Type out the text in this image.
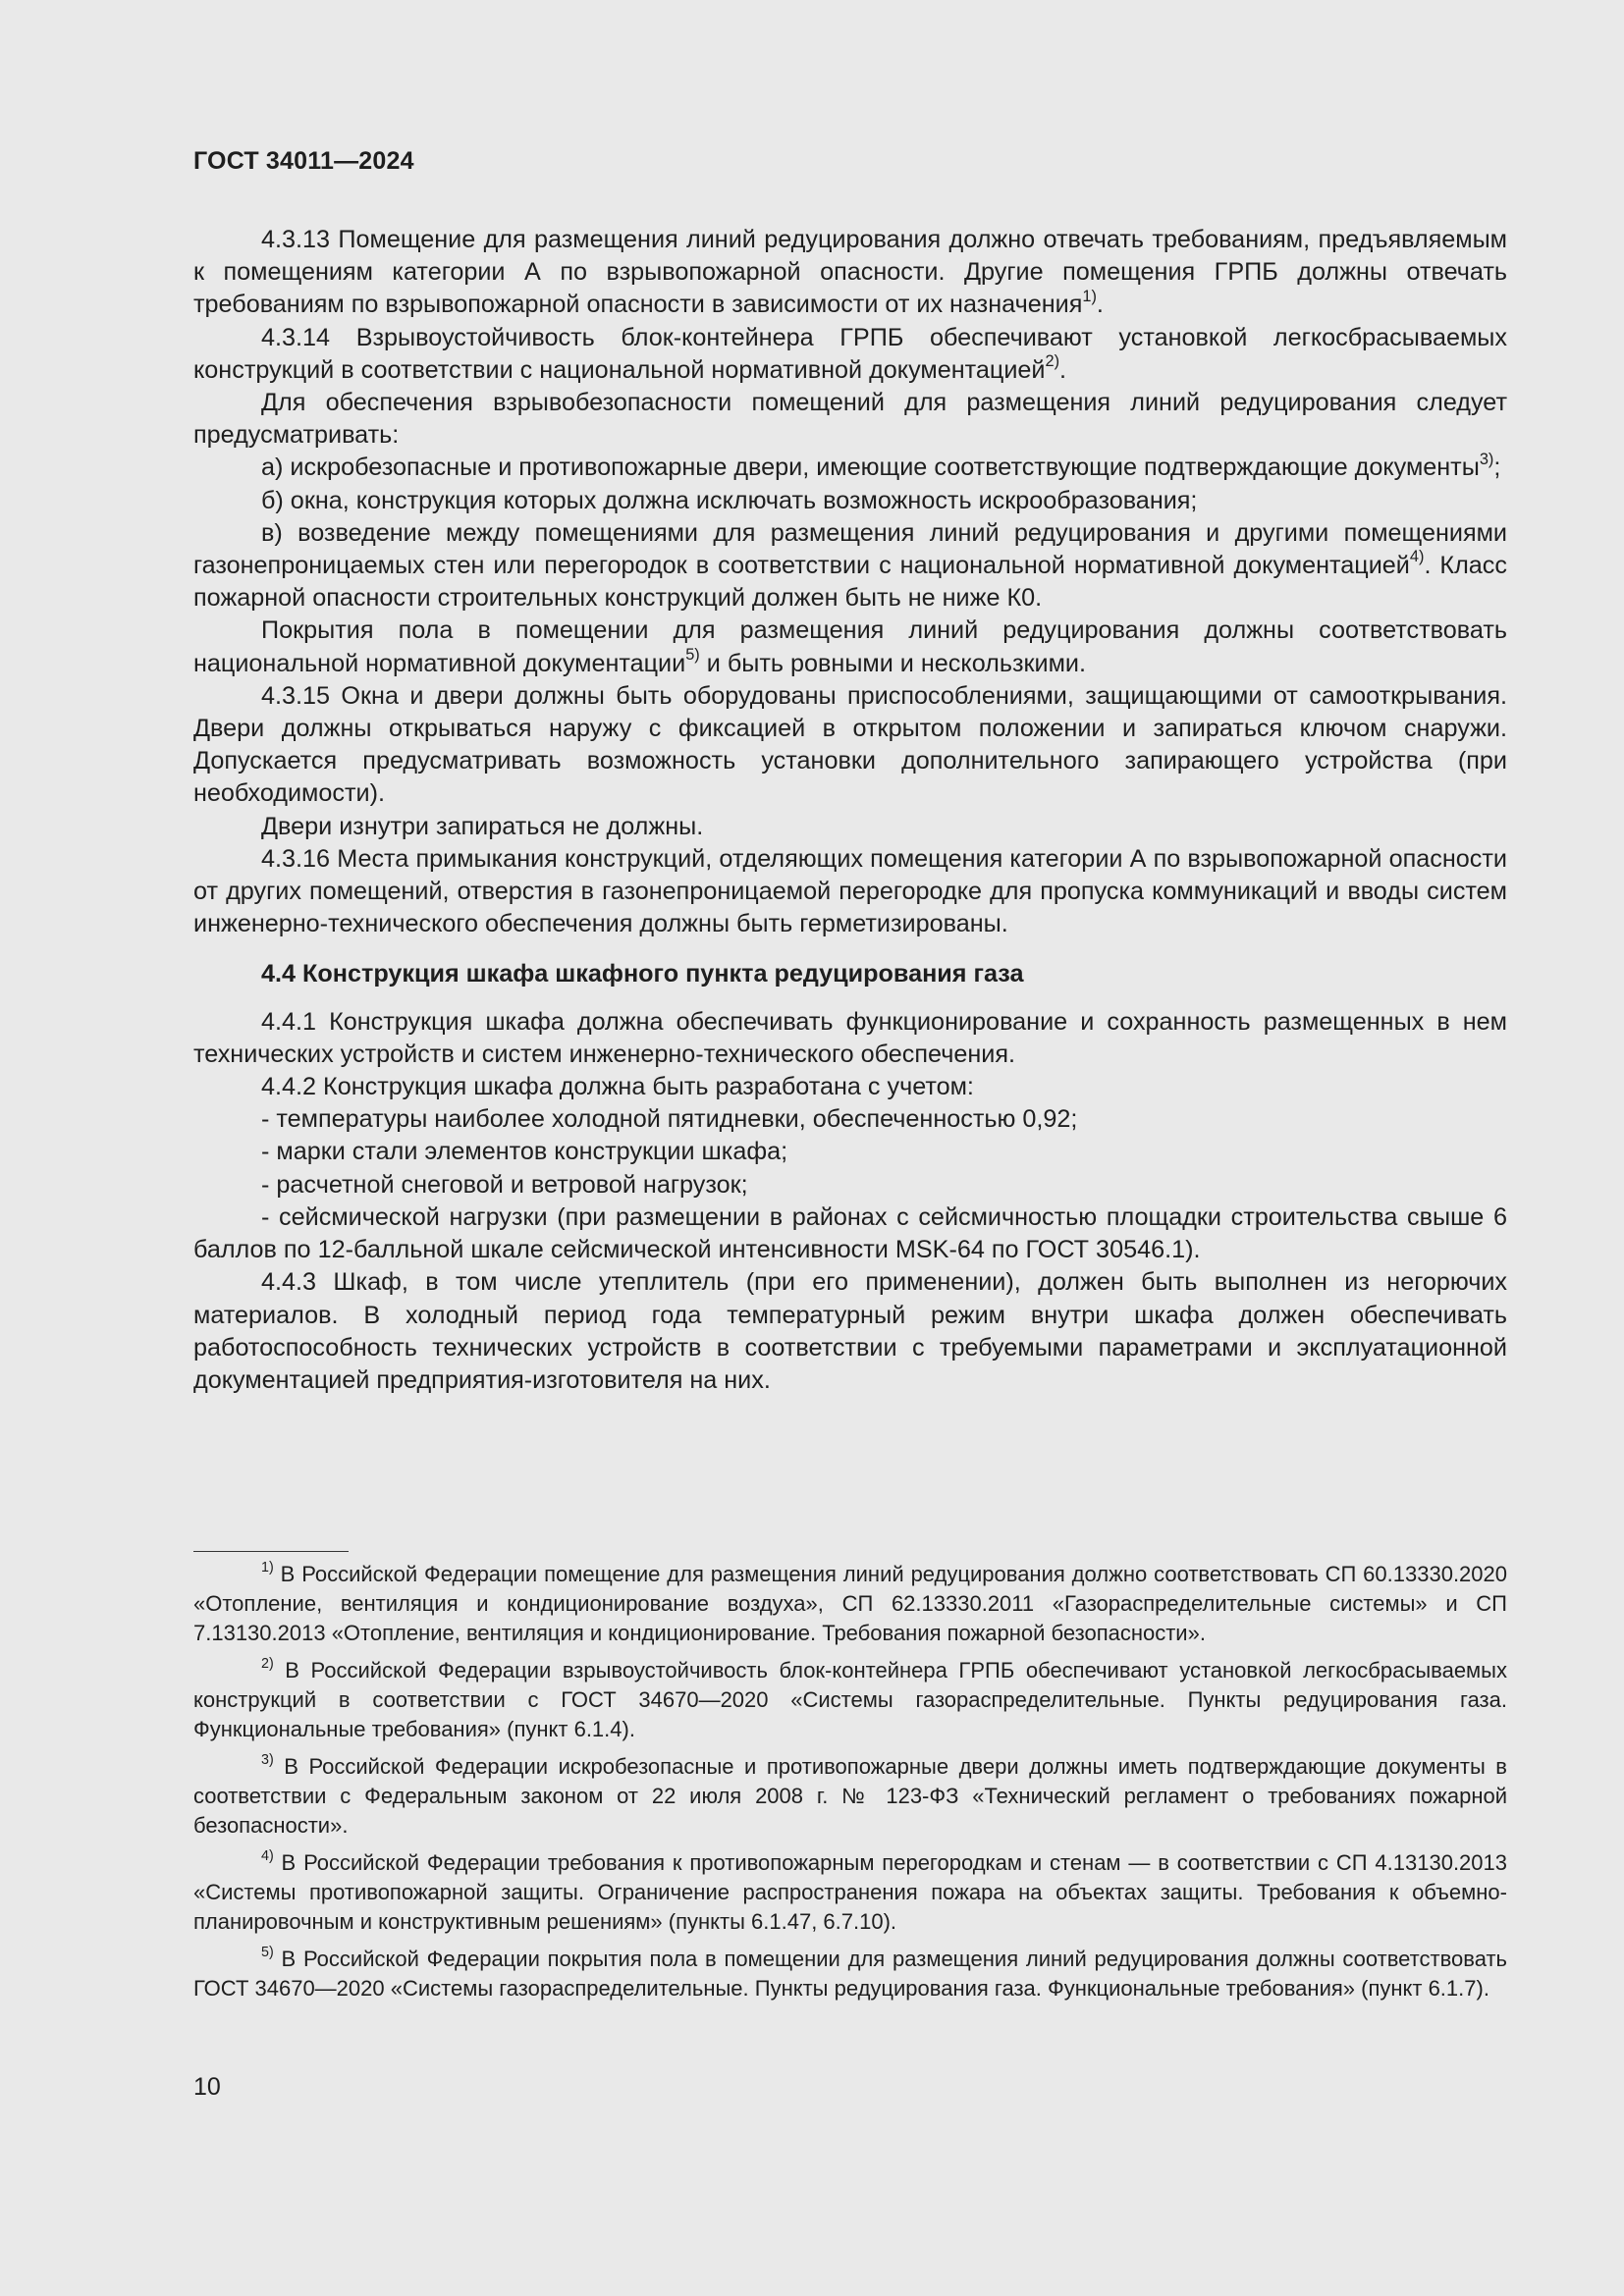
ГОСТ 34011—2024

4.3.13 Помещение для размещения линий редуцирования должно отвечать требованиям, предъявляемым к помещениям категории А по взрывопожарной опасности. Другие помещения ГРПБ должны отвечать требованиям по взрывопожарной опасности в зависимости от их назначения$^{1)}$.

4.3.14 Взрывоустойчивость блок-контейнера ГРПБ обеспечивают установкой легкосбрасываемых конструкций в соответствии с национальной нормативной документацией$^{2)}$.

Для обеспечения взрывобезопасности помещений для размещения линий редуцирования следует предусматривать:

а) искробезопасные и противопожарные двери, имеющие соответствующие подтверждающие документы$^{3)}$;

б) окна, конструкция которых должна исключать возможность искрообразования;

в) возведение между помещениями для размещения линий редуцирования и другими помещениями газонепроницаемых стен или перегородок в соответствии с национальной нормативной документацией$^{4)}$. Класс пожарной опасности строительных конструкций должен быть не ниже К0.

Покрытия пола в помещении для размещения линий редуцирования должны соответствовать национальной нормативной документации$^{5)}$ и быть ровными и нескользкими.

4.3.15 Окна и двери должны быть оборудованы приспособлениями, защищающими от самооткрывания. Двери должны открываться наружу с фиксацией в открытом положении и запираться ключом снаружи. Допускается предусматривать возможность установки дополнительного запирающего устройства (при необходимости).

Двери изнутри запираться не должны.

4.3.16 Места примыкания конструкций, отделяющих помещения категории А по взрывопожарной опасности от других помещений, отверстия в газонепроницаемой перегородке для пропуска коммуникаций и вводы систем инженерно-технического обеспечения должны быть герметизированы.

4.4 Конструкция шкафа шкафного пункта редуцирования газа

4.4.1 Конструкция шкафа должна обеспечивать функционирование и сохранность размещенных в нем технических устройств и систем инженерно-технического обеспечения.

4.4.2 Конструкция шкафа должна быть разработана с учетом:

- температуры наиболее холодной пятидневки, обеспеченностью 0,92;

- марки стали элементов конструкции шкафа;

- расчетной снеговой и ветровой нагрузок;

- сейсмической нагрузки (при размещении в районах с сейсмичностью площадки строительства свыше 6 баллов по 12-балльной шкале сейсмической интенсивности MSK-64 по ГОСТ 30546.1).

4.4.3 Шкаф, в том числе утеплитель (при его применении), должен быть выполнен из негорючих материалов. В холодный период года температурный режим внутри шкафа должен обеспечивать работоспособность технических устройств в соответствии с требуемыми параметрами и эксплуатационной документацией предприятия-изготовителя на них.

$^{1)}$ В Российской Федерации помещение для размещения линий редуцирования должно соответствовать СП 60.13330.2020 «Отопление, вентиляция и кондиционирование воздуха», СП 62.13330.2011 «Газораспределительные системы» и СП 7.13130.2013 «Отопление, вентиляция и кондиционирование. Требования пожарной безопасности».

$^{2)}$ В Российской Федерации взрывоустойчивость блок-контейнера ГРПБ обеспечивают установкой легкосбрасываемых конструкций в соответствии с ГОСТ 34670—2020 «Системы газораспределительные. Пункты редуцирования газа. Функциональные требования» (пункт 6.1.4).

$^{3)}$ В Российской Федерации искробезопасные и противопожарные двери должны иметь подтверждающие документы в соответствии с Федеральным законом от 22 июля 2008 г. № 123-ФЗ «Технический регламент о требованиях пожарной безопасности».

$^{4)}$ В Российской Федерации требования к противопожарным перегородкам и стенам — в соответствии с СП 4.13130.2013 «Системы противопожарной защиты. Ограничение распространения пожара на объектах защиты. Требования к объемно-планировочным и конструктивным решениям» (пункты 6.1.47, 6.7.10).

$^{5)}$ В Российской Федерации покрытия пола в помещении для размещения линий редуцирования должны соответствовать ГОСТ 34670—2020 «Системы газораспределительные. Пункты редуцирования газа. Функциональные требования» (пункт 6.1.7).

10
